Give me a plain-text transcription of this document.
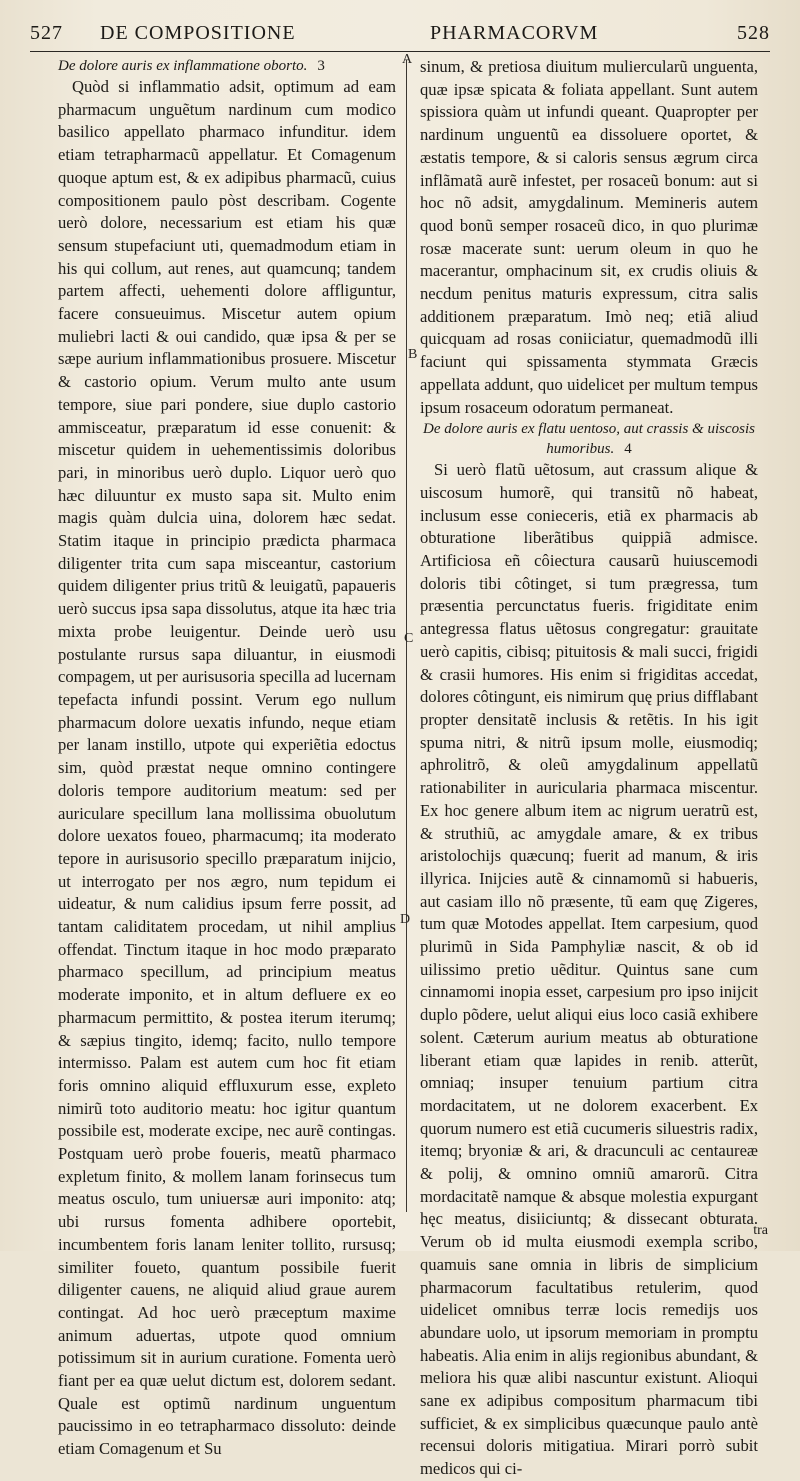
527 DE COMPOSITIONE	PHARMACORVM	528
A
B
C
D

De dolore auris ex inflammatione oborto. 3

Quòd si inflammatio adsit, optimum ad eam pharmacum unguẽtum nardinum cum modico basilico appellato pharmaco infunditur. idem etiam tetrapharmacũ appellatur. Et Comagenum quoque aptum est, & ex adipibus pharmacũ, cuius compositionem paulo pòst describam. Cogente uerò dolore, necessarium est etiam his quæ sensum stupefaciunt uti, quemadmodum etiam in his qui collum, aut renes, aut quamcunq; tandem partem affecti, uehementi dolore affliguntur, facere consueuimus. Miscetur autem opium muliebri lacti & oui candido, quæ ipsa & per se sæpe aurium inflammationibus prosuere. Miscetur & castorio opium. Verum multo ante usum tempore, siue pari pondere, siue duplo castorio ammisceatur, præparatum id esse conuenit: & miscetur quidem in uehementissimis doloribus pari, in minoribus uerò duplo. Liquor uerò quo hæc diluuntur ex musto sapa sit. Multo enim magis quàm dulcia uina, dolorem hæc sedat. Statim itaque in principio prædicta pharmaca diligenter trita cum sapa misceantur, castorium quidem diligenter prius tritũ & leuigatũ, papaueris uerò succus ipsa sapa dissolutus, atque ita hæc tria mixta probe leuigentur. Deinde uerò usu postulante rursus sapa diluantur, in eiusmodi compagem, ut per aurisusoria specilla ad lucernam tepefacta infundi possint. Verum ego nullum pharmacum dolore uexatis infundo, neque etiam per lanam instillo, utpote qui experiẽtia edoctus sim, quòd præstat neque omnino contingere doloris tempore auditorium meatum: sed per auriculare specillum lana mollissima obuolutum dolore uexatos foueo, pharmacumq; ita moderato tepore in aurisusorio specillo præparatum inijcio, ut interrogato per nos ægro, num tepidum ei uideatur, & num calidius ipsum ferre possit, ad tantam caliditatem procedam, ut nihil amplius offendat. Tinctum itaque in hoc modo præparato pharmaco specillum, ad principium meatus moderate imponito, et in altum defluere ex eo pharmacum permittito, & postea iterum iterumq; & sæpius tingito, idemq; facito, nullo tempore intermisso. Palam est autem cum hoc fit etiam foris omnino aliquid effluxurum esse, expleto nimirũ toto auditorio meatu: hoc igitur quantum possibile est, moderate excipe, nec aurẽ contingas. Postquam uerò probe foueris, meatũ pharmaco expletum finito, & mollem lanam forinsecus tum meatus osculo, tum uniuersæ auri imponito: atq; ubi rursus fomenta adhibere oportebit, incumbentem foris lanam leniter tollito, rursusq; similiter foueto, quantum possibile fuerit diligenter cauens, ne aliquid aliud graue aurem contingat. Ad hoc uerò præceptum maxime animum aduertas, utpote quod omnium potissimum sit in aurium curatione. Fomenta uerò fiant per ea quæ uelut dictum est, dolorem sedant. Quale est optimũ nardinum unguentum paucissimo in eo tetrapharmaco dissoluto: deinde etiam Comagenum et Su

sinum, & pretiosa diuitum muliercularũ unguenta, quæ ipsæ spicata & foliata appellant. Sunt autem spissiora quàm ut infundi queant. Quapropter per nardinum unguentũ ea dissoluere oportet, & æstatis tempore, & si caloris sensus ægrum circa inflãmatã aurẽ infestet, per rosaceũ bonum: aut si hoc nõ adsit, amygdalinum. Memineris autem quod bonũ semper rosaceũ dico, in quo plurimæ rosæ macerate sunt: uerum oleum in quo he macerantur, omphacinum sit, ex crudis oliuis & necdum penitus maturis expressum, citra salis additionem præparatum. Imò neq; etiã aliud quicquam ad rosas coniiciatur, quemadmodũ illi faciunt qui spissamenta stymmata Græcis appellata addunt, quo uidelicet per multum tempus ipsum rosaceum odoratum permaneat.

De dolore auris ex flatu uentoso, aut crassis & uiscosis humoribus. 4

Si uerò flatũ uẽtosum, aut crassum alique & uiscosum humorẽ, qui transitũ nõ habeat, inclusum esse conieceris, etiã ex pharmacis ab obturatione liberãtibus quippiã admisce. Artificiosa eñ côiectura causarũ huiuscemodi doloris tibi côtinget, si tum prægressa, tum præsentia percunctatus fueris. frigiditate enim antegressa flatus uẽtosus congregatur: grauitate uerò capitis, cibisq; pituitosis & mali succi, frigidi & crasii humores. His enim si frigiditas accedat, dolores côtingunt, eis nimirum quę prius difflabant propter densitatẽ inclusis & retẽtis. In his igit spuma nitri, & nitrũ ipsum molle, eiusmodiq; aphrolitrõ, & oleũ amygdalinum appellatũ rationabiliter in auricularia pharmaca miscentur. Ex hoc genere album item ac nigrum ueratrũ est, & struthiũ, ac amygdale amare, & ex tribus aristolochijs quæcunq; fuerit ad manum, & iris illyrica. Inijcies autẽ & cinnamomũ si habueris, aut casiam illo nõ præsente, tũ eam quę Zigeres, tum quæ Motodes appellat. Item carpesium, quod plurimũ in Sida Pamphyliæ nascit, & ob id uilissimo pretio uẽditur. Quintus sane cum cinnamomi inopia esset, carpesium pro ipso inijcit duplo põdere, uelut aliqui eius loco casiã exhibere solent. Cæterum aurium meatus ab obturatione liberant etiam quæ lapides in renib. atterũt, omniaq; insuper tenuium partium citra mordacitatem, ut ne dolorem exacerbent. Ex quorum numero est etiã cucumeris siluestris radix, itemq; bryoniæ & ari, & dracunculi ac centaureæ & polij, & omnino omniũ amarorũ. Citra mordacitatẽ namque & absque molestia expurgant hęc meatus, disiiciuntq; & dissecant obturata. Verum ob id multa eiusmodi exempla scribo, quamuis sane omnia in libris de simplicium pharmacorum facultatibus retulerim, quod uidelicet omnibus terræ locis remedijs uos abundare uolo, ut ipsorum memoriam in promptu habeatis. Alia enim in alijs regionibus abundant, & meliora his quæ alibi nascuntur existunt. Alioqui sane ex adipibus compositum pharmacum tibi sufficiet, & ex simplicibus quæcunque paulo antè recensui doloris mitigatiua. Mirari porrò subit medicos qui ci-

tra
